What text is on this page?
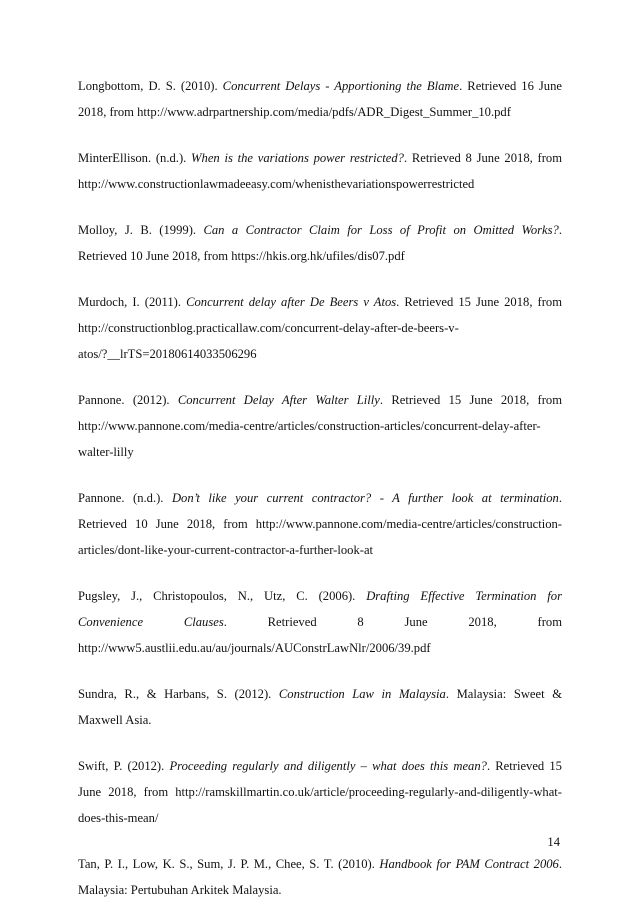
Longbottom, D. S. (2010). Concurrent Delays - Apportioning the Blame. Retrieved 16 June
2018, from http://www.adrpartnership.com/media/pdfs/ADR_Digest_Summer_10.pdf

MinterEllison. (n.d.). When is the variations power restricted?. Retrieved 8 June 2018, from
http://www.constructionlawmadeeasy.com/whenisthevariationspowerrestricted

Molloy, J. B. (1999). Can a Contractor Claim for Loss of Profit on Omitted Works?.
Retrieved 10 June 2018, from https://hkis.org.hk/ufiles/dis07.pdf

Murdoch, I. (2011). Concurrent delay after De Beers v Atos. Retrieved 15 June 2018, from
http://constructionblog.practicallaw.com/concurrent-delay-after-de-beers-v-
atos/?__lrTS=20180614033506296

Pannone. (2012). Concurrent Delay After Walter Lilly. Retrieved 15 June 2018, from
http://www.pannone.com/media-centre/articles/construction-articles/concurrent-delay-after-
walter-lilly

Pannone. (n.d.). Don’t like your current contractor? - A further look at termination.
Retrieved 10 June 2018, from http://www.pannone.com/media-centre/articles/construction-
articles/dont-like-your-current-contractor-a-further-look-at

Pugsley, J., Christopoulos, N., Utz, C. (2006). Drafting Effective Termination for
Convenience Clauses. Retrieved 8 June 2018, from
http://www5.austlii.edu.au/au/journals/AUConstrLawNlr/2006/39.pdf

Sundra, R., & Harbans, S. (2012). Construction Law in Malaysia. Malaysia: Sweet &
Maxwell Asia.

Swift, P. (2012). Proceeding regularly and diligently – what does this mean?. Retrieved 15
June 2018, from http://ramskillmartin.co.uk/article/proceeding-regularly-and-diligently-what-
does-this-mean/

Tan, P. I., Low, K. S., Sum, J. P. M., Chee, S. T. (2010). Handbook for PAM Contract 2006.
Malaysia: Pertubuhan Arkitek Malaysia.

14
